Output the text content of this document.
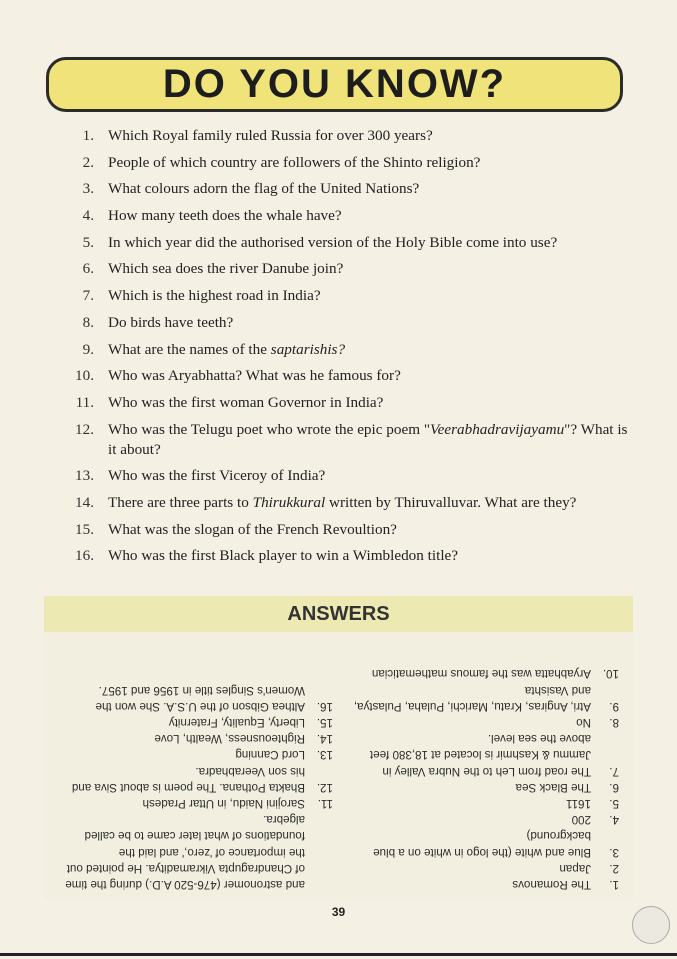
DO YOU KNOW?
1. Which Royal family ruled Russia for over 300 years?
2. People of which country are followers of the Shinto religion?
3. What colours adorn the flag of the United Nations?
4. How many teeth does the whale have?
5. In which year did the authorised version of the Holy Bible come into use?
6. Which sea does the river Danube join?
7. Which is the highest road in India?
8. Do birds have teeth?
9. What are the names of the saptarishis?
10. Who was Aryabhatta? What was he famous for?
11. Who was the first woman Governor in India?
12. Who was the Telugu poet who wrote the epic poem "Veerabhadravijayamu"? What is it about?
13. Who was the first Viceroy of India?
14. There are three parts to Thirukkural written by Thiruvalluvar. What are they?
15. What was the slogan of the French Revoultion?
16. Who was the first Black player to win a Wimbledon title?
ANSWERS
1.
The Romanovs
2.
Japan
3.
Blue and white (the logo in white on a blue background)
4.
200
5.
1611
6.
The Black Sea
7.
The road from Leh to the Nubra Valley in Jammu & Kashmir is located at 18,380 feet above the sea level.
8.
No
9.
Atri, Angiras, Kratu, Marichi, Pulaha, Pulastya, and Vasishta
10.
Aryabhatta was the famous mathematician
and astronomer (476-520 A.D.) during the time of Chandragupta Vikramaditya. He pointed out the importance of 'zero,' and laid the foundations of what later came to be called algebra.
11.
Sarojini Naidu, in Uttar Pradesh
12.
Bhakta Pothana. The poem is about Siva and his son Veerabhadra.
13.
Lord Canning
14.
Righteousness, Wealth, Love
15.
Liberty, Equality, Fraternity
16.
Althea Gibson of the U.S.A. She won the Women's Singles title in 1956 and 1957.
39
